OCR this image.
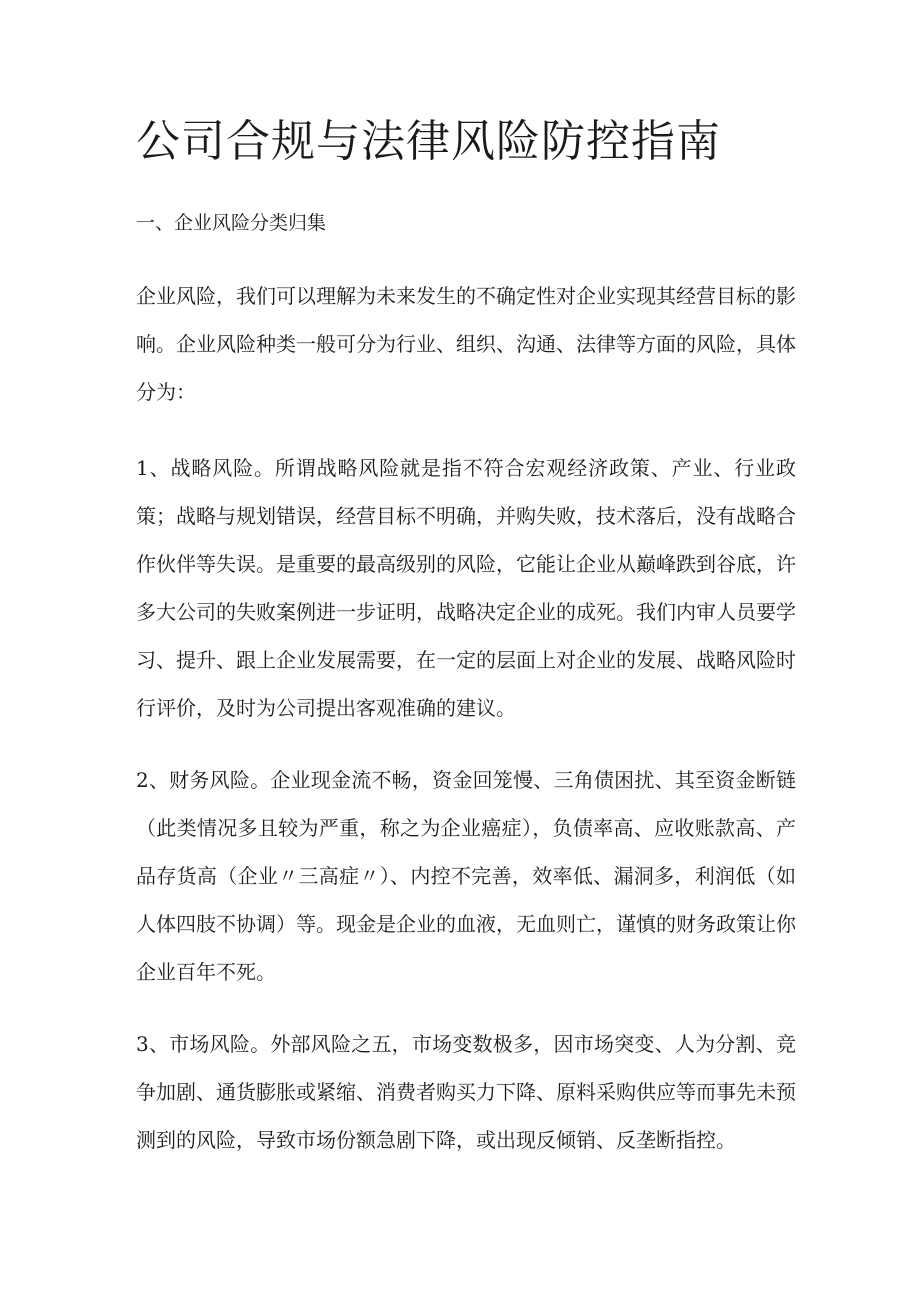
公司合规与法律风险防控指南
一、企业风险分类归集

企业风险，我们可以理解为未来发生的不确定性对企业实现其经营目标的影响。企业风险种类一般可分为行业、组织、沟通、法律等方面的风险，具体分为：

1、战略风险。所谓战略风险就是指不符合宏观经济政策、产业、行业政策；战略与规划错误，经营目标不明确，并购失败，技术落后，没有战略合作伙伴等失误。是重要的最高级别的风险，它能让企业从巅峰跌到谷底，许多大公司的失败案例进一步证明，战略决定企业的成死。我们内审人员要学习、提升、跟上企业发展需要，在一定的层面上对企业的发展、战略风险时行评价，及时为公司提出客观准确的建议。

2、财务风险。企业现金流不畅，资金回笼慢、三角债困扰、其至资金断链（此类情况多且较为严重，称之为企业癌症），负债率高、应收账款高、产品存货高（企业〃三高症〃）、内控不完善，效率低、漏洞多，利润低（如人体四肢不协调）等。现金是企业的血液，无血则亡，谨慎的财务政策让你企业百年不死。

3、市场风险。外部风险之五，市场变数极多，因市场突变、人为分割、竞争加剧、通货膨胀或紧缩、消费者购买力下降、原料采购供应等而事先未预测到的风险，导致市场份额急剧下降，或出现反倾销、反垄断指控。
